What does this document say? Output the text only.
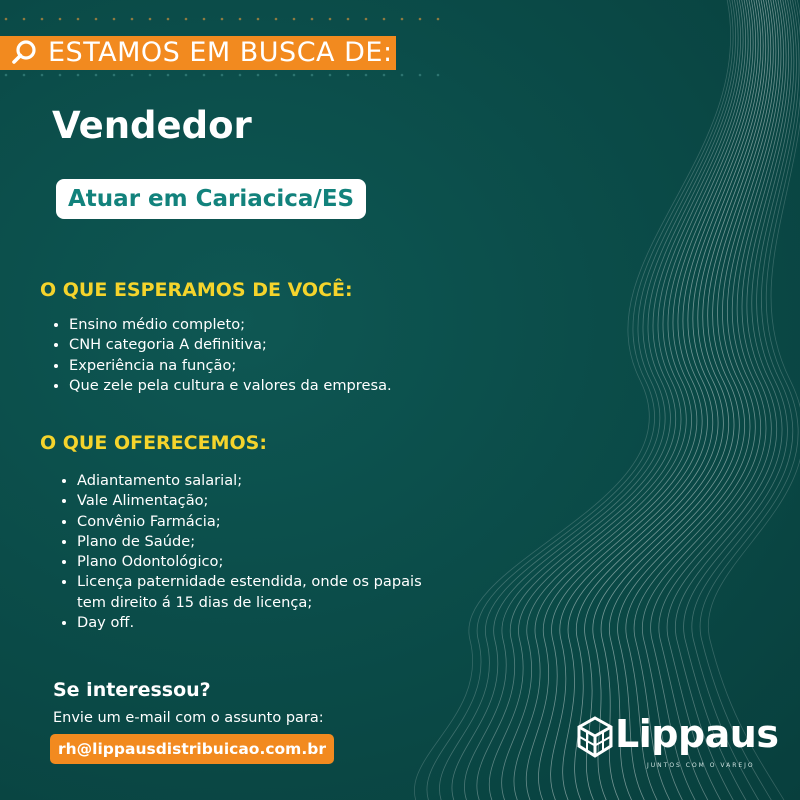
ESTAMOS EM BUSCA DE:
Vendedor
Atuar em Cariacica/ES
O QUE ESPERAMOS DE VOCÊ:
• Ensino médio completo;
• CNH categoria A definitiva;
• Experiência na função;
• Que zele pela cultura e valores da empresa.
O QUE OFERECEMOS:
• Adiantamento salarial;
• Vale Alimentação;
• Convênio Farmácia;
• Plano de Saúde;
• Plano Odontológico;
• Licença paternidade estendida, onde os papais tem direito á 15 dias de licença;
• Day off.
Se interessou?
Envie um e-mail com o assunto para:
rh@lippausdistribuicao.com.br	Lippaus
JUNTOS COM O VAREJO
